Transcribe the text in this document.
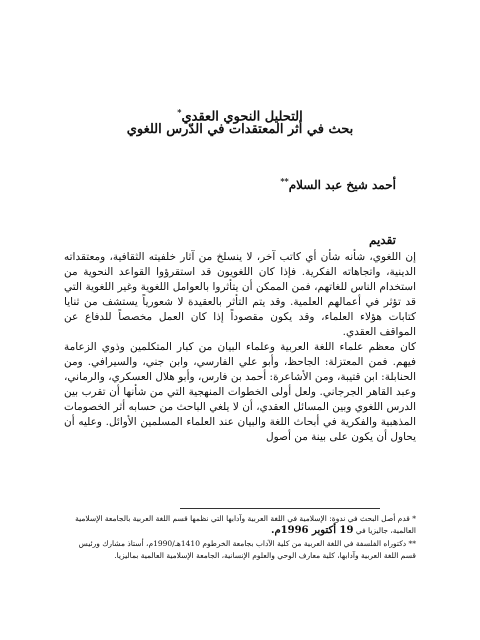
التحليل النحوي العقدي*
بحث في أثر المعتقدات في الدّرس اللغوي
أحمد شيخ عبد السلام**
تقديم
إن اللغوي، شأنه شأن أي كاتب آخر، لا ينسلخ من آثار خلفيته الثقافية، ومعتقداته الدينية، واتجاهاته الفكرية. فإذا كان اللغويون قد استقرؤوا القواعد النحوية من استخدام الناس للغاتهم، فمن الممكن أن يتأثروا بالعوامل اللغوية وغير اللغوية التي قد تؤثر في أعمالهم العلمية. وقد يتم التأثر بالعقيدة لا شعورياً يستشف من ثنايا كتابات هؤلاء العلماء، وقد يكون مقصوداً إذا كان العمل مخصصاً للدفاع عن المواقف العقدي.
كان معظم علماء اللغة العربية وعلماء البيان من كبار المتكلمين وذوي الزعامة فيهم. فمن المعتزلة: الجاحظ، وأبو علي الفارسي، وابن جني، والسيرافي. ومن الحنابلة: ابن قتيبة، ومن الأشاعرة: أحمد بن فارس، وأبو هلال العسكري، والرماني، وعبد القاهر الجرجاني. ولعل أولى الخطوات المنهجية التي من شأنها أن تقرب بين الدرس اللغوي وبين المسائل العقدي، أن لا يلغي الباحث من حسابه أثر الخصومات المذهبية والفكرية في أبحاث اللغة والبيان عند العلماء المسلمين الأوائل. وعليه أن يحاول أن يكون على بينة من أصول
* قدم أصل البحث في ندوة: الإسلامية في اللغة العربية وآدابها التي نظمها قسم اللغة العربية بالجامعة الإسلامية العالمية، جاليزيا في 19 أكتوبر 1996م.
** دكتوراه الفلسفة في اللغة العربية من كلية الآداب بجامعة الخرطوم 1410هـ/1990م، أستاذ مشارك ورئيس قسم اللغة العربية وآدابها، كلية معارف الوحي والعلوم الإنسانية، الجامعة الإسلامية العالمية بماليزيا.
